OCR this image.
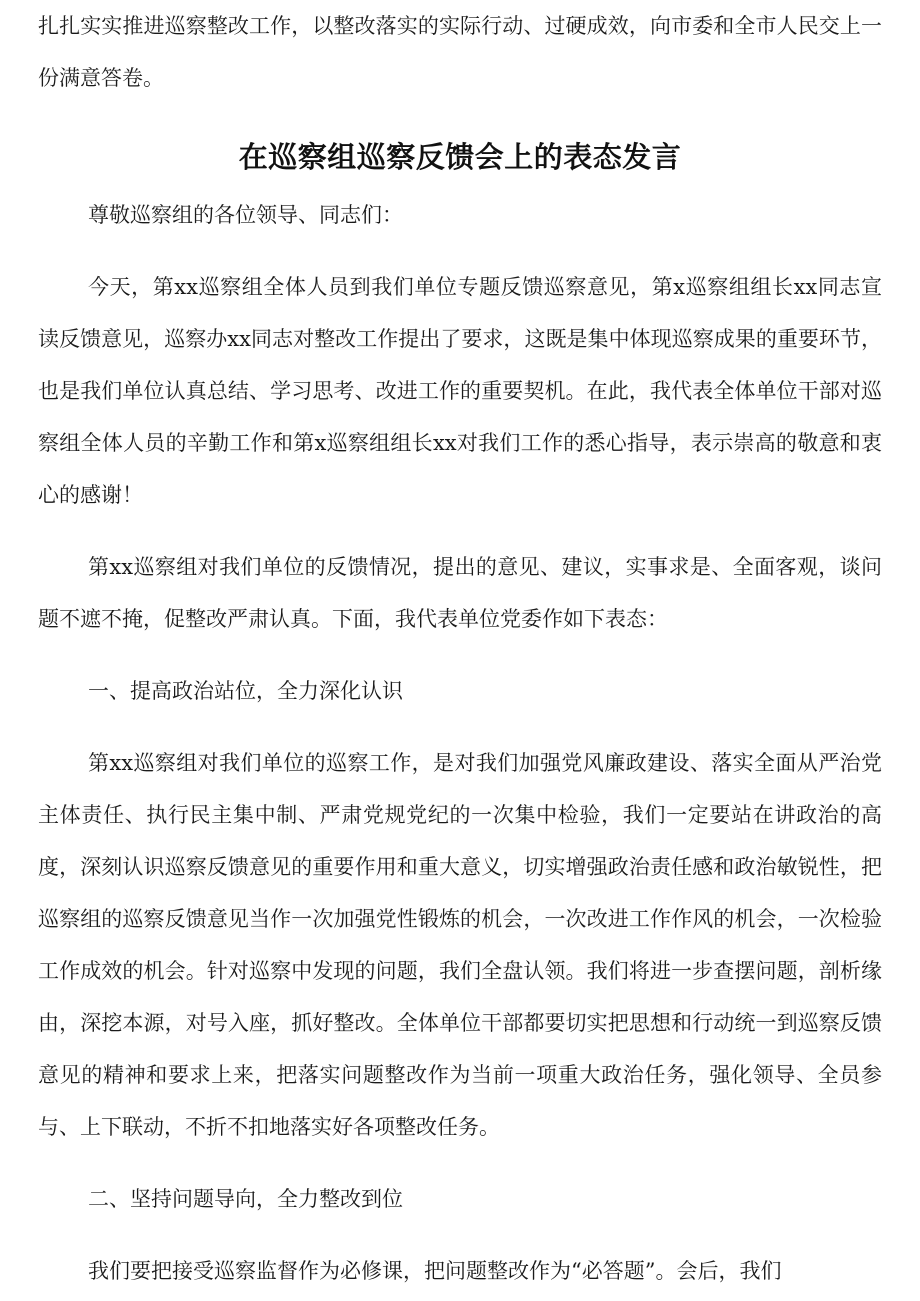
扎扎实实推进巡察整改工作，以整改落实的实际行动、过硬成效，向市委和全市人民交上一份满意答卷。

在巡察组巡察反馈会上的表态发言

尊敬巡察组的各位领导、同志们：

今天，第xx巡察组全体人员到我们单位专题反馈巡察意见，第x巡察组组长xx同志宣读反馈意见，巡察办xx同志对整改工作提出了要求，这既是集中体现巡察成果的重要环节，也是我们单位认真总结、学习思考、改进工作的重要契机。在此，我代表全体单位干部对巡察组全体人员的辛勤工作和第x巡察组组长xx对我们工作的悉心指导，表示崇高的敬意和衷心的感谢！

第xx巡察组对我们单位的反馈情况，提出的意见、建议，实事求是、全面客观，谈问题不遮不掩，促整改严肃认真。下面，我代表单位党委作如下表态：

一、提高政治站位，全力深化认识

第xx巡察组对我们单位的巡察工作，是对我们加强党风廉政建设、落实全面从严治党主体责任、执行民主集中制、严肃党规党纪的一次集中检验，我们一定要站在讲政治的高度，深刻认识巡察反馈意见的重要作用和重大意义，切实增强政治责任感和政治敏锐性，把巡察组的巡察反馈意见当作一次加强党性锻炼的机会，一次改进工作作风的机会，一次检验工作成效的机会。针对巡察中发现的问题，我们全盘认领。我们将进一步查摆问题，剖析缘由，深挖本源，对号入座，抓好整改。全体单位干部都要切实把思想和行动统一到巡察反馈意见的精神和要求上来，把落实问题整改作为当前一项重大政治任务，强化领导、全员参与、上下联动，不折不扣地落实好各项整改任务。

二、坚持问题导向，全力整改到位

我们要把接受巡察监督作为必修课，把问题整改作为“必答题”。会后，我们
